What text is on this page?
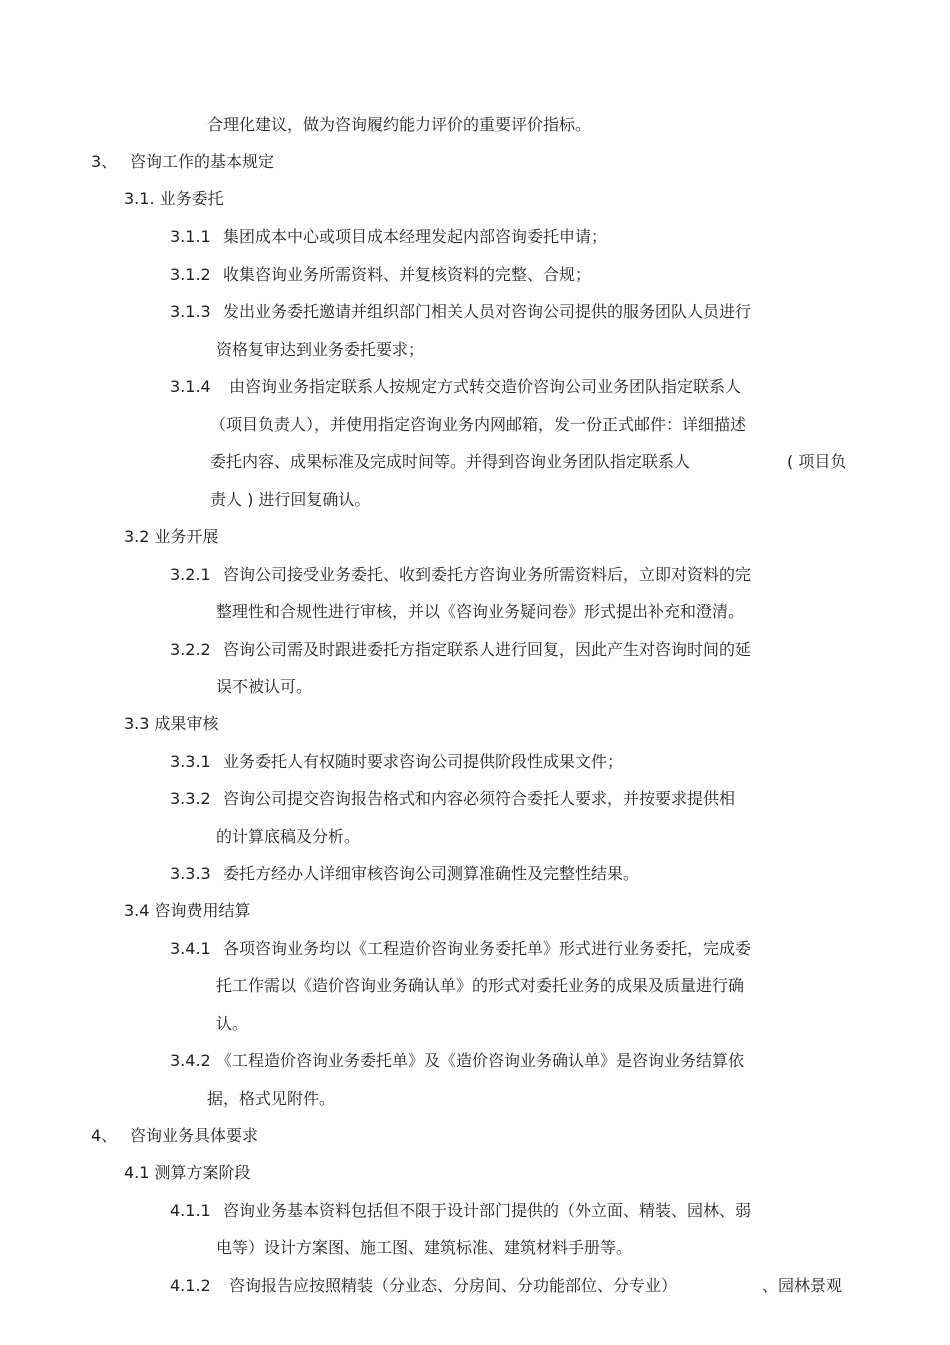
合理化建议，做为咨询履约能力评价的重要评价指标。
3、 咨询工作的基本规定
3.1. 业务委托
3.1.1 集团成本中心或项目成本经理发起内部咨询委托申请；
3.1.2 收集咨询业务所需资料、并复核资料的完整、合规；
3.1.3 发出业务委托邀请并组织部门相关人员对咨询公司提供的服务团队人员进行
资格复审达到业务委托要求；
3.1.4 由咨询业务指定联系人按规定方式转交造价咨询公司业务团队指定联系人
（项目负责人），并使用指定咨询业务内网邮箱，发一份正式邮件：详细描述
委托内容、成果标准及完成时间等。并得到咨询业务团队指定联系人	( 项目负
责人 ) 进行回复确认。
3.2 业务开展
3.2.1 咨询公司接受业务委托、收到委托方咨询业务所需资料后，立即对资料的完
整理性和合规性进行审核，并以《咨询业务疑问卷》形式提出补充和澄清。
3.2.2 咨询公司需及时跟进委托方指定联系人进行回复，因此产生对咨询时间的延
误不被认可。
3.3 成果审核
3.3.1 业务委托人有权随时要求咨询公司提供阶段性成果文件；
3.3.2 咨询公司提交咨询报告格式和内容必须符合委托人要求，并按要求提供相
的计算底稿及分析。
3.3.3 委托方经办人详细审核咨询公司测算准确性及完整性结果。
3.4 咨询费用结算
3.4.1 各项咨询业务均以《工程造价咨询业务委托单》形式进行业务委托，完成委
托工作需以《造价咨询业务确认单》的形式对委托业务的成果及质量进行确
认。
3.4.2 《工程造价咨询业务委托单》及《造价咨询业务确认单》是咨询业务结算依
据，格式见附件。
4、 咨询业务具体要求
4.1 测算方案阶段
4.1.1 咨询业务基本资料包括但不限于设计部门提供的（外立面、精装、园林、弱
电等）设计方案图、施工图、建筑标准、建筑材料手册等。
4.1.2 咨询报告应按照精装（分业态、分房间、分功能部位、分专业）	、园林景观
